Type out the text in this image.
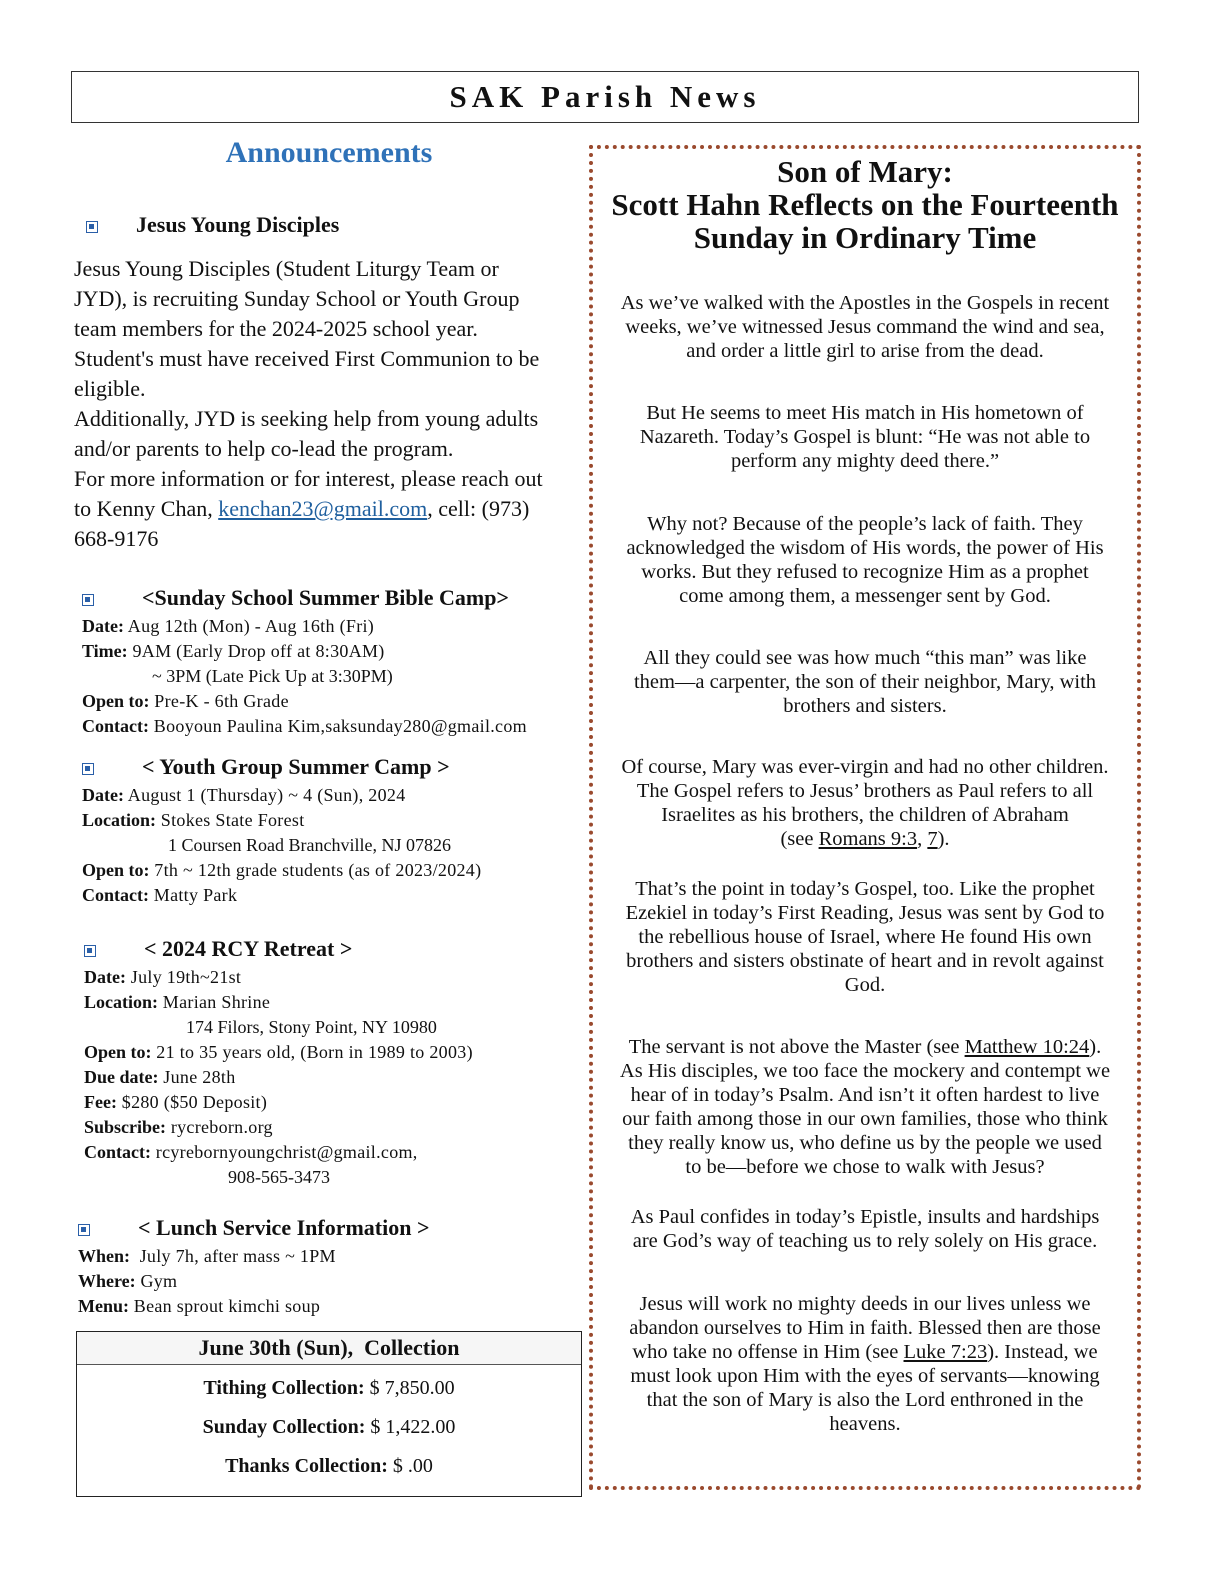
SAK Parish News
Announcements
Jesus Young Disciples
Jesus Young Disciples (Student Liturgy Team or
JYD), is recruiting Sunday School or Youth Group
team members for the 2024-2025 school year.
Student's must have received First Communion to be
eligible.
Additionally, JYD is seeking help from young adults
and/or parents to help co-lead the program.
For more information or for interest, please reach out
to Kenny Chan, kenchan23@gmail.com, cell: (973)
668-9176
<Sunday School Summer Bible Camp>
Date: Aug 12th (Mon) - Aug 16th (Fri)
Time: 9AM (Early Drop off at 8:30AM)
~ 3PM (Late Pick Up at 3:30PM)
Open to: Pre-K - 6th Grade
Contact: Booyoun Paulina Kim,saksunday280@gmail.com
< Youth Group Summer Camp >
Date: August 1 (Thursday) ~ 4 (Sun), 2024
Location: Stokes State Forest
1 Coursen Road Branchville, NJ 07826
Open to: 7th ~ 12th grade students (as of 2023/2024)
Contact: Matty Park
< 2024 RCY Retreat >
Date: July 19th~21st
Location: Marian Shrine
174 Filors, Stony Point, NY 10980
Open to: 21 to 35 years old, (Born in 1989 to 2003)
Due date: June 28th
Fee: $280 ($50 Deposit)
Subscribe: rycreborn.org
Contact: rcyrebornyoungchrist@gmail.com,
908-565-3473
< Lunch Service Information >
When:  July 7h, after mass ~ 1PM
Where: Gym
Menu: Bean sprout kimchi soup
June 30th (Sun),  Collection
Tithing Collection: $ 7,850.00
Sunday Collection: $ 1,422.00
Thanks Collection: $ .00
Son of Mary:
Scott Hahn Reflects on the Fourteenth
Sunday in Ordinary Time
As we’ve walked with the Apostles in the Gospels in recent
weeks, we’ve witnessed Jesus command the wind and sea,
and order a little girl to arise from the dead.
But He seems to meet His match in His hometown of
Nazareth. Today’s Gospel is blunt: “He was not able to
perform any mighty deed there.”
Why not? Because of the people’s lack of faith. They
acknowledged the wisdom of His words, the power of His
works. But they refused to recognize Him as a prophet
come among them, a messenger sent by God.
All they could see was how much “this man” was like
them—a carpenter, the son of their neighbor, Mary, with
brothers and sisters.
Of course, Mary was ever-virgin and had no other children.
The Gospel refers to Jesus’ brothers as Paul refers to all
Israelites as his brothers, the children of Abraham
(see Romans 9:3, 7).
That’s the point in today’s Gospel, too. Like the prophet
Ezekiel in today’s First Reading, Jesus was sent by God to
the rebellious house of Israel, where He found His own
brothers and sisters obstinate of heart and in revolt against
God.
The servant is not above the Master (see Matthew 10:24).
As His disciples, we too face the mockery and contempt we
hear of in today’s Psalm. And isn’t it often hardest to live
our faith among those in our own families, those who think
they really know us, who define us by the people we used
to be—before we chose to walk with Jesus?
As Paul confides in today’s Epistle, insults and hardships
are God’s way of teaching us to rely solely on His grace.
Jesus will work no mighty deeds in our lives unless we
abandon ourselves to Him in faith. Blessed then are those
who take no offense in Him (see Luke 7:23). Instead, we
must look upon Him with the eyes of servants—knowing
that the son of Mary is also the Lord enthroned in the
heavens.
